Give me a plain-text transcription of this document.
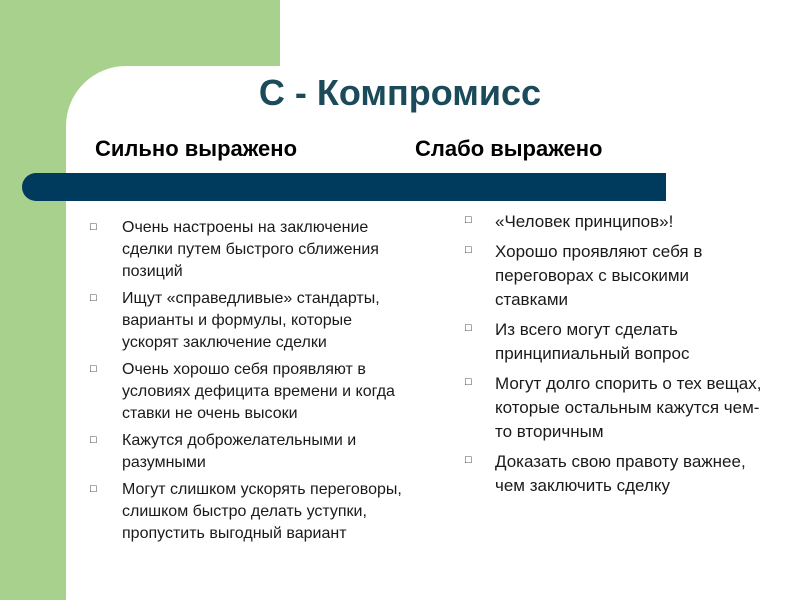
С - Компромисс
Сильно выражено	Слабо выражено
□ Очень настроены на заключение сделки путем быстрого сближения позиций
□ Ищут «справедливые» стандарты, варианты и формулы, которые ускорят заключение сделки
□ Очень хорошо себя проявляют в условиях дефицита времени и когда ставки не очень высоки
□ Кажутся доброжелательными и разумными
□ Могут слишком ускорять переговоры, слишком быстро делать уступки, пропустить выгодный вариант
□ «Человек принципов»!
□ Хорошо проявляют себя в переговорах с высокими ставками
□ Из всего могут сделать принципиальный вопрос
□ Могут долго спорить о тех вещах, которые остальным кажутся чем-то вторичным
□ Доказать свою правоту важнее, чем заключить сделку
